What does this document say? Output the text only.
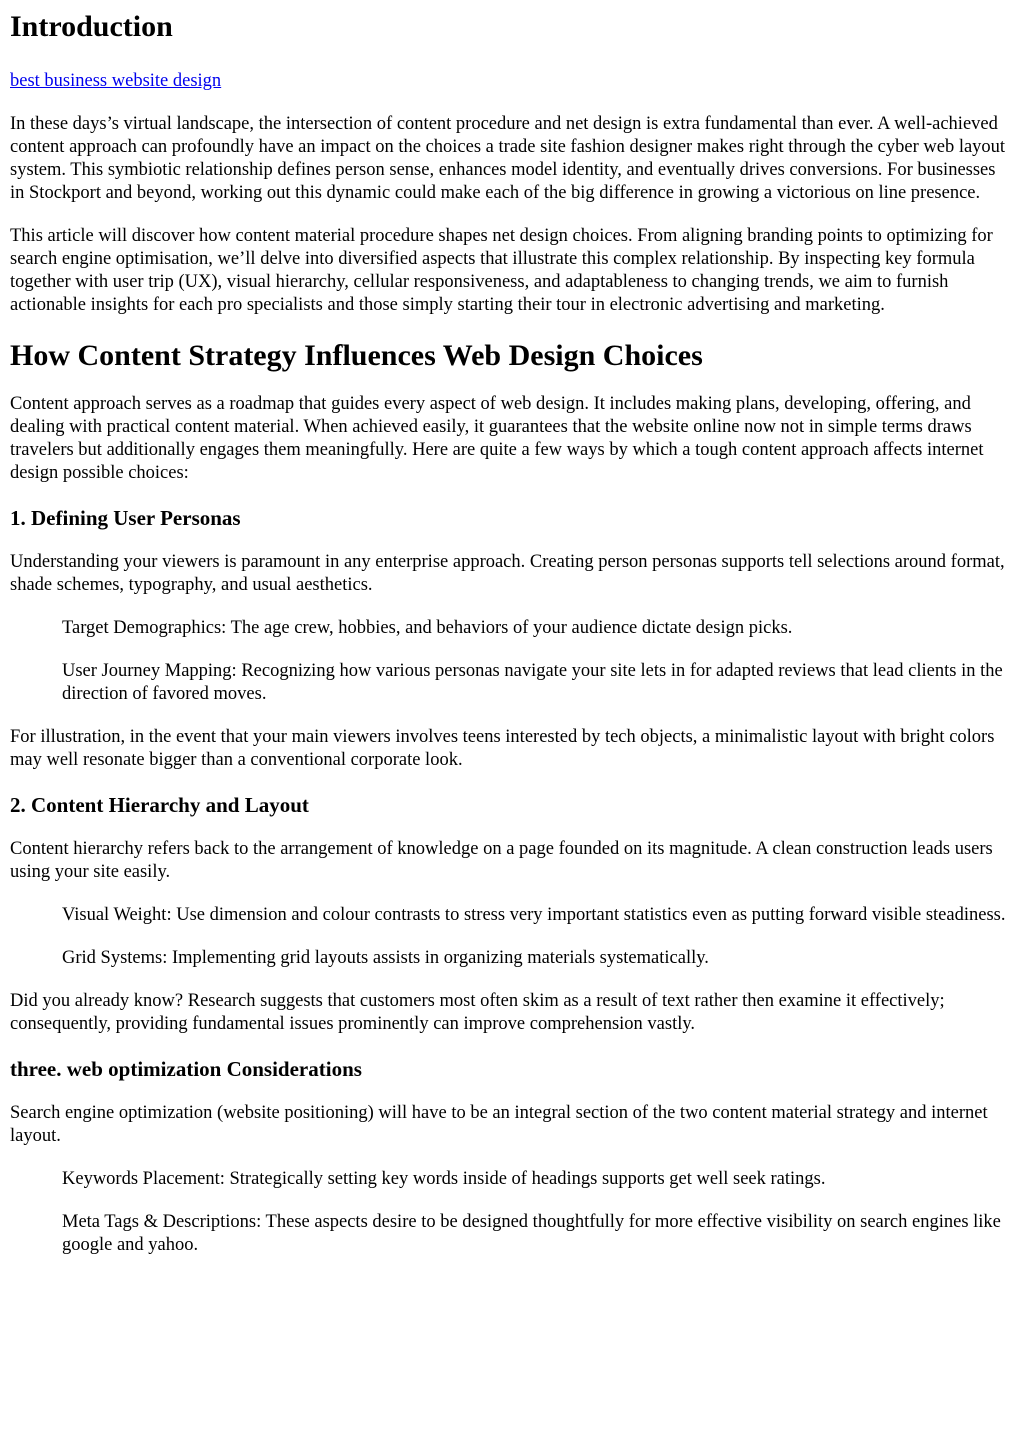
Introduction
best business website design

In these days’s virtual landscape, the intersection of content procedure and net design is extra fundamental than ever. A well-achieved content approach can profoundly have an impact on the choices a trade site fashion designer makes right through the cyber web layout system. This symbiotic relationship defines person sense, enhances model identity, and eventually drives conversions. For businesses in Stockport and beyond, working out this dynamic could make each of the big difference in growing a victorious on line presence.

This article will discover how content material procedure shapes net design choices. From aligning branding points to optimizing for search engine optimisation, we’ll delve into diversified aspects that illustrate this complex relationship. By inspecting key formula together with user trip (UX), visual hierarchy, cellular responsiveness, and adaptableness to changing trends, we aim to furnish actionable insights for each pro specialists and those simply starting their tour in electronic advertising and marketing.

How Content Strategy Influences Web Design Choices

Content approach serves as a roadmap that guides every aspect of web design. It includes making plans, developing, offering, and dealing with practical content material. When achieved easily, it guarantees that the website online now not in simple terms draws travelers but additionally engages them meaningfully. Here are quite a few ways by which a tough content approach affects internet design possible choices:

1. Defining User Personas

Understanding your viewers is paramount in any enterprise approach. Creating person personas supports tell selections around format, shade schemes, typography, and usual aesthetics.

Target Demographics: The age crew, hobbies, and behaviors of your audience dictate design picks.

User Journey Mapping: Recognizing how various personas navigate your site lets in for adapted reviews that lead clients in the direction of favored moves.

For illustration, in the event that your main viewers involves teens interested by tech objects, a minimalistic layout with bright colors may well resonate bigger than a conventional corporate look.

2. Content Hierarchy and Layout

Content hierarchy refers back to the arrangement of knowledge on a page founded on its magnitude. A clean construction leads users using your site easily.

Visual Weight: Use dimension and colour contrasts to stress very important statistics even as putting forward visible steadiness.

Grid Systems: Implementing grid layouts assists in organizing materials systematically.

Did you already know? Research suggests that customers most often skim as a result of text rather then examine it effectively; consequently, providing fundamental issues prominently can improve comprehension vastly.

three. web optimization Considerations

Search engine optimization (website positioning) will have to be an integral section of the two content material strategy and internet layout.

Keywords Placement: Strategically setting key words inside of headings supports get well seek ratings.

Meta Tags & Descriptions: These aspects desire to be designed thoughtfully for more effective visibility on search engines like google and yahoo.
